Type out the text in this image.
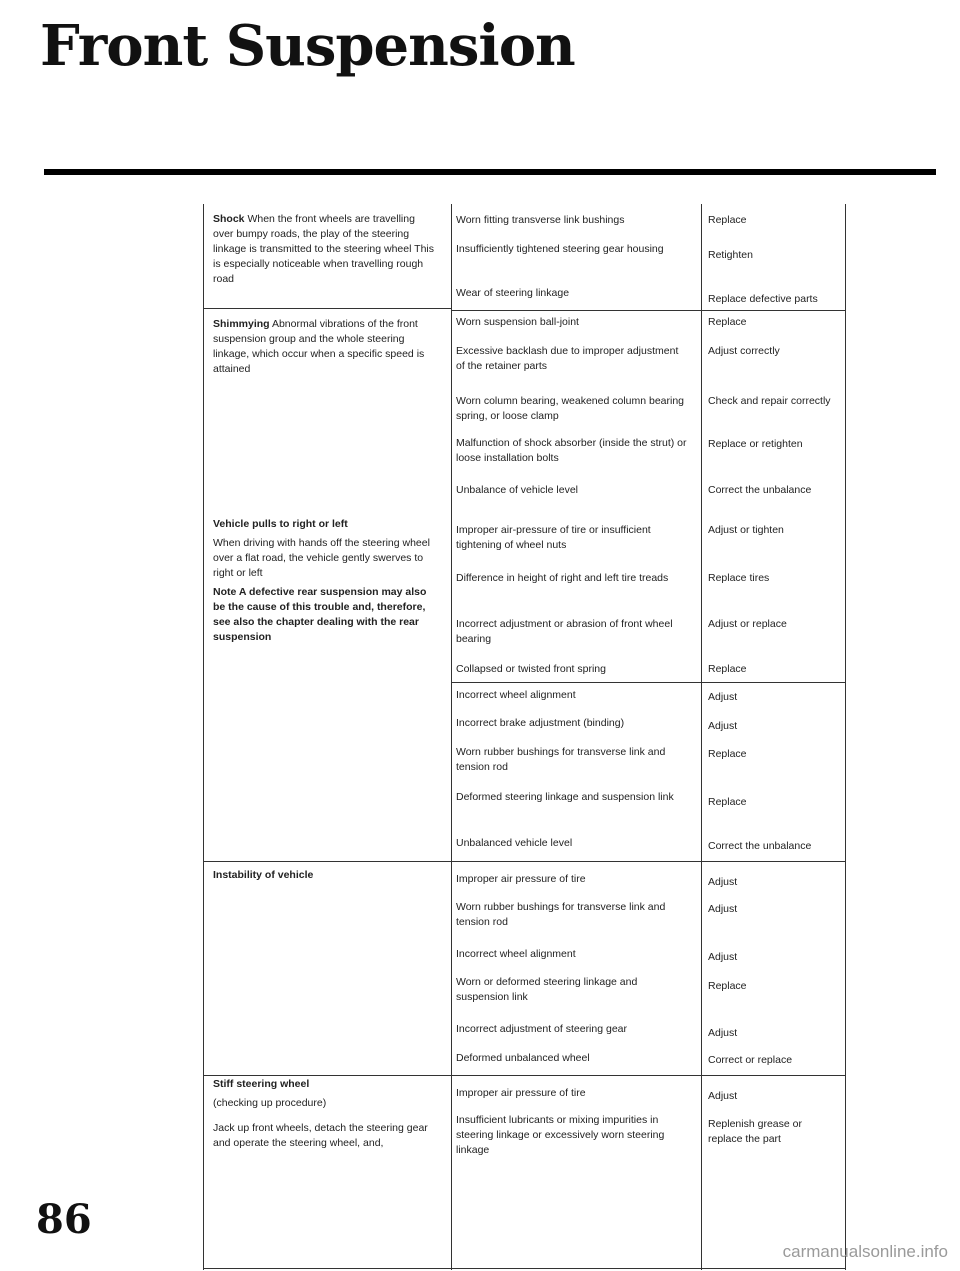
Front Suspension
Shock When the front wheels are travelling over bumpy roads, the play of the steering linkage is transmitted to the steering wheel This is especially noticeable when travelling rough road
Shimmying Abnormal vibrations of the front suspension group and the whole steering linkage, which occur when a specific speed is attained
Vehicle pulls to right or left
When driving with hands off the steering wheel over a flat road, the vehicle gently swerves to right or left
Note A defective rear suspension may also be the cause of this trouble and, therefore, see also the chapter dealing with the rear suspension
Instability of vehicle
Stiff steering wheel
(checking up procedure)
Jack up front wheels, detach the steering gear and operate the steering wheel, and,
Worn fitting transverse link bushings
Insufficiently tightened steering gear housing
Wear of steering linkage
Worn suspension ball-joint
Excessive backlash due to improper adjustment of the retainer parts
Worn column bearing, weakened column bearing spring, or loose clamp
Malfunction of shock absorber (inside the strut) or loose installation bolts
Unbalance of vehicle level
Improper air-pressure of tire or insufficient tightening of wheel nuts
Difference in height of right and left tire treads
Incorrect adjustment or abrasion of front wheel bearing
Collapsed or twisted front spring
Incorrect wheel alignment
Incorrect brake adjustment (binding)
Worn rubber bushings for transverse link and tension rod
Deformed steering linkage and suspension link
Unbalanced vehicle level
Improper air pressure of tire
Worn rubber bushings for transverse link and tension rod
Incorrect wheel alignment
Worn or deformed steering linkage and suspension link
Incorrect adjustment of steering gear
Deformed unbalanced wheel
Improper air pressure of tire
Insufficient lubricants or mixing impurities in steering linkage or excessively worn steering linkage
Replace
Retighten
Replace defective parts
Replace
Adjust correctly
Check and repair correctly
Replace or retighten
Correct the unbalance
Adjust or tighten
Replace tires
Adjust or replace
Replace
Adjust
Adjust
Replace
Replace
Correct the unbalance
Adjust
Adjust
Adjust
Replace
Adjust
Correct or replace
Adjust
Replenish grease or replace the part

86

carmanualsonline.info
